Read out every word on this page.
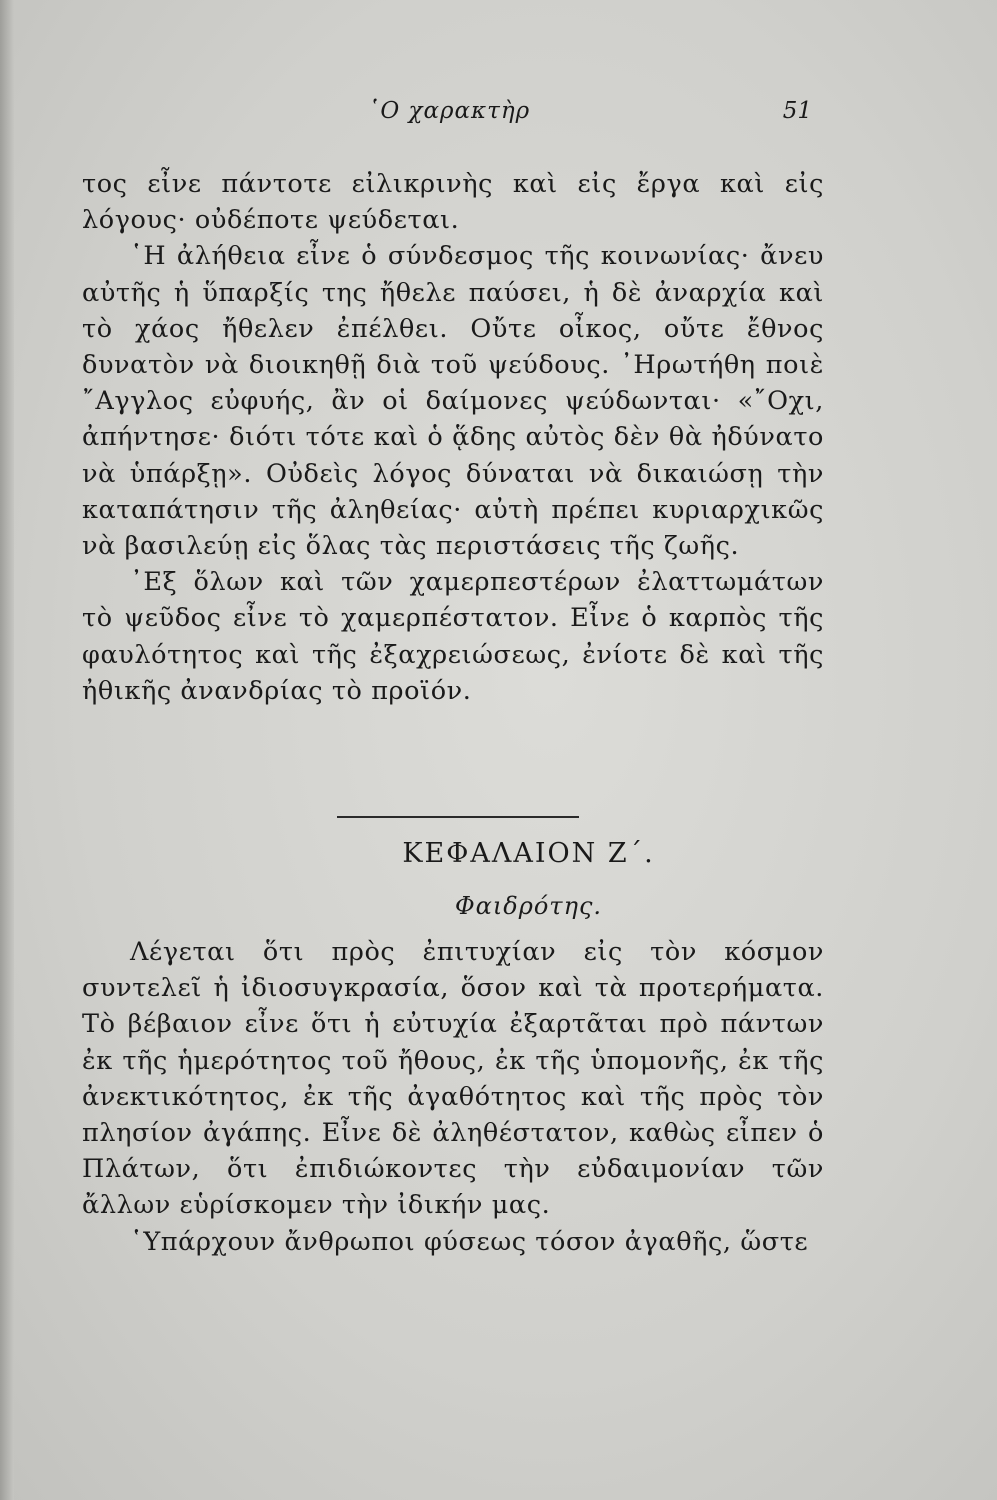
῾Ο χαρακτὴρ	51

τος εἶνε πάντοτε εἰλικρινὴς καὶ εἰς ἔργα καὶ εἰς λόγους· οὐδέποτε ψεύδεται.

῾Η ἀλήθεια εἶνε ὁ σύνδεσμος τῆς κοινωνίας· ἄνευ αὐτῆς ἡ ὕπαρξίς της ἤθελε παύσει, ἡ δὲ ἀναρχία καὶ τὸ χάος ἤθελεν ἐπέλθει. Οὔτε οἶκος, οὔτε ἔθνος δυνατὸν νὰ διοικηθῇ διὰ τοῦ ψεύδους. ᾿Ηρωτήθη ποιὲ ῎Αγγλος εὐφυής, ἂν οἱ δαίμονες ψεύδωνται· «῎Οχι, ἀπήντησε· διότι τότε καὶ ὁ ᾅδης αὐτὸς δὲν θὰ ἠδύνατο νὰ ὑπάρξῃ». Οὐδεὶς λόγος δύναται νὰ δικαιώσῃ τὴν καταπάτησιν τῆς ἀληθείας· αὐτὴ πρέπει κυριαρχικῶς νὰ βασιλεύῃ εἰς ὅλας τὰς περιστάσεις τῆς ζωῆς.

᾿Εξ ὅλων καὶ τῶν χαμερπεστέρων ἐλαττωμάτων τὸ ψεῦδος εἶνε τὸ χαμερπέστατον. Εἶνε ὁ καρπὸς τῆς φαυλότητος καὶ τῆς ἐξαχρειώσεως, ἐνίοτε δὲ καὶ τῆς ἠθικῆς ἀνανδρίας τὸ προϊόν.

ΚΕΦΑΛΑΙΟΝ Ζ΄.
Φαιδρότης.

Λέγεται ὅτι πρὸς ἐπιτυχίαν εἰς τὸν κόσμον συντελεῖ ἡ ἰδιοσυγκρασία, ὅσον καὶ τὰ προτερήματα. Τὸ βέβαιον εἶνε ὅτι ἡ εὐτυχία ἐξαρτᾶται πρὸ πάντων ἐκ τῆς ἡμερότητος τοῦ ἤθους, ἐκ τῆς ὑπομονῆς, ἐκ τῆς ἀνεκτικότητος, ἐκ τῆς ἀγαθότητος καὶ τῆς πρὸς τὸν πλησίον ἀγάπης. Εἶνε δὲ ἀληθέστατον, καθὼς εἶπεν ὁ Πλάτων, ὅτι ἐπιδιώκοντες τὴν εὐδαιμονίαν τῶν ἄλλων εὑρίσκομεν τὴν ἰδικήν μας.

῾Υπάρχουν ἄνθρωποι φύσεως τόσον ἀγαθῆς, ὥστε
